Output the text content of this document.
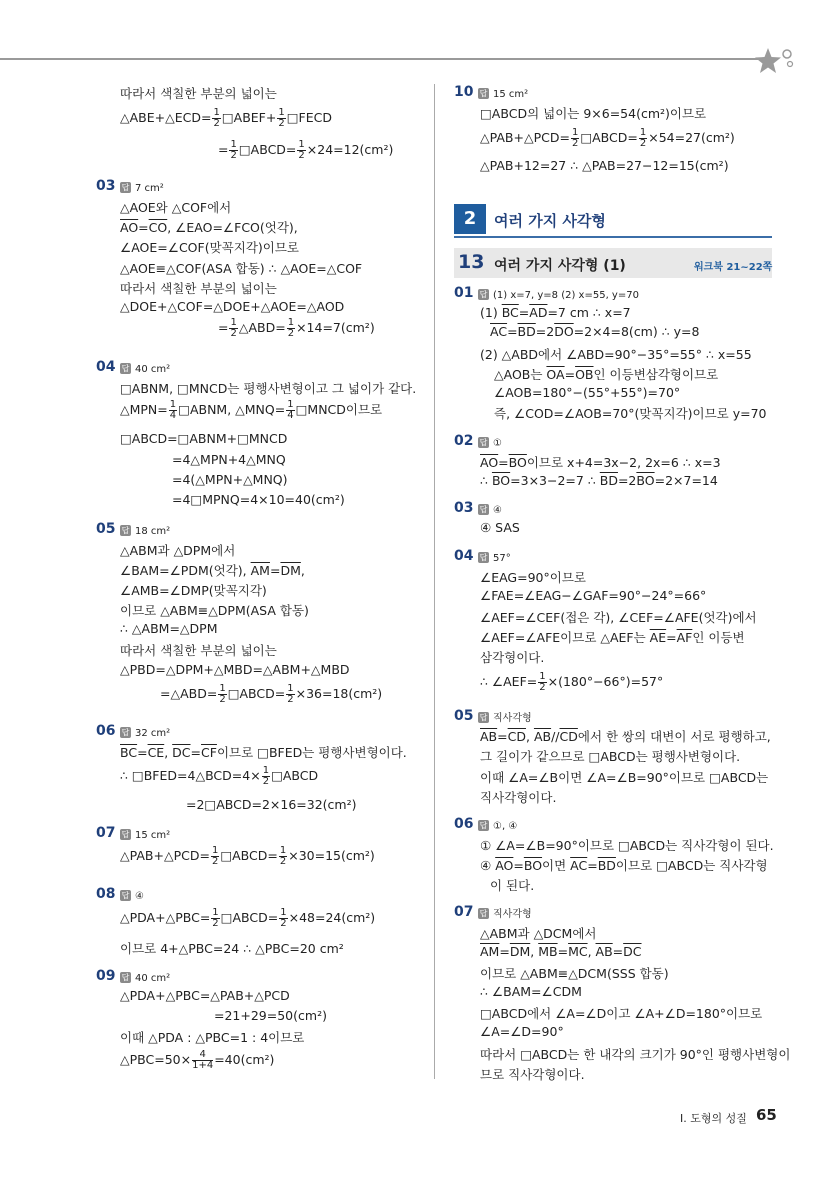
2	여러 가지 사각형
13 여러 가지 사각형 (1)	워크북 21~22쪽
Ⅰ. 도형의 성질 65
따라서 색칠한 부분의 넓이는
△ABE+△ECD= $\frac{1}{2}$ □ABEF+ $\frac{1}{2}$ □FECD
= $\frac{1}{2}$ □ABCD= $\frac{1}{2} \times 24=12(cm^2)$
03 답 7 cm²
△AOE와 △COF에서
$\overline{AO}=\overline{CO}$, ∠EAO=∠FCO(엇각),
∠AOE=∠COF(맞꼭지각)이므로
△AOE≡△COF(ASA 합동) ∴ △AOE=△COF
따라서 색칠한 부분의 넓이는
△DOE+△COF=△DOE+△AOE=△AOD
= $\frac{1}{2}$ △ABD= $\frac{1}{2} \times 14=7(cm^2)$
04 답 40 cm²
□ABNM, □MNCD는 평행사변형이고 그 넓이가 같다.
△MPN= $\frac{1}{4}$ □ABNM, △MNQ= $\frac{1}{4}$ □MNCD이므로
□ABCD=□ABNM+□MNCD
=4△MPN+4△MNQ
=4(△MPN+△MNQ)
=4□MPNQ=4×10=40(cm²)
05 답 18 cm²
△ABM과 △DPM에서
∠BAM=∠PDM(엇각), $\overline{AM}=\overline{DM}$,
∠AMB=∠DMP(맞꼭지각)
이므로 △ABM≡△DPM(ASA 합동)
∴ △ABM=△DPM
따라서 색칠한 부분의 넓이는
△PBD=△DPM+△MBD=△ABM+△MBD
=△ABD= $\frac{1}{2}$ □ABCD= $\frac{1}{2} \times 36=18(cm^2)$
06 답 32 cm²
$\overline{BC}=\overline{CE}$, $\overline{DC}=\overline{CF}$이므로 □BFED는 평행사변형이다.
∴ □BFED=4△BCD=4× $\frac{1}{2}$ □ABCD
=2□ABCD=2×16=32(cm²)
07 답 15 cm²
△PAB+△PCD= $\frac{1}{2}$ □ABCD= $\frac{1}{2} \times 30=15(cm^2)$
08 답 ④
△PDA+△PBC= $\frac{1}{2}$ □ABCD= $\frac{1}{2} \times 48=24(cm^2)$
이므로 4+△PBC=24 ∴ △PBC=20 cm²
09 답 40 cm²
△PDA+△PBC=△PAB+△PCD
=21+29=50(cm²)
이때 △PDA : △PBC=1 : 4이므로
△PBC=50× $\frac{4}{1+4} =40(cm^2)$
10 답 15 cm²
□ABCD의 넓이는 9×6=54(cm²)이므로
△PAB+△PCD= $\frac{1}{2}$ □ABCD= $\frac{1}{2} \times 54=27(cm^2)$
△PAB+12=27 ∴ △PAB=27−12=15(cm²)
01 답 (1) x=7, y=8 (2) x=55, y=70
(1) $\overline{BC}=\overline{AD}=7$ cm ∴ x=7
$\overline{AC}=\overline{BD}=2\overline{DO}=2\times 4=8(cm)$ ∴ y=8
(2) △ABD에서 ∠ABD=90°−35°=55° ∴ x=55
△AOB는 $\overline{OA}=\overline{OB}$인 이등변삼각형이므로
∠AOB=180°−(55°+55°)=70°
즉, ∠COD=∠AOB=70°(맞꼭지각)이므로 y=70
02 답 ①
$\overline{AO}=\overline{BO}$이므로 x+4=3x−2, 2x=6 ∴ x=3
∴ $\overline{BO}=3\times 3-2=7$ ∴ $\overline{BD}=2\overline{BO}=2\times 7=14$
03 답 ④
④ SAS
04 답 57°
∠EAG=90°이므로
∠FAE=∠EAG−∠GAF=90°−24°=66°
∠AEF=∠CEF(접은 각), ∠CEF=∠AFE(엇각)에서
∠AEF=∠AFE이므로 △AEF는 $\overline{AE}=\overline{AF}$인 이등변
삼각형이다.
∴ ∠AEF= $\frac{1}{2} \times(180^\circ-66^\circ)=57^\circ$
05 답 직사각형
$\overline{AB}=\overline{CD}$, $\overline{AB}//\overline{CD}$에서 한 쌍의 대변이 서로 평행하고,
그 길이가 같으므로 □ABCD는 평행사변형이다.
이때 ∠A=∠B이면 ∠A=∠B=90°이므로 □ABCD는
직사각형이다.
06 답 ①, ④
① ∠A=∠B=90°이므로 □ABCD는 직사각형이 된다.
④ $\overline{AO}=\overline{BO}$이면 $\overline{AC}=\overline{BD}$이므로 □ABCD는 직사각형
이 된다.
07 답 직사각형
△ABM과 △DCM에서
$\overline{AM}=\overline{DM}$, $\overline{MB}=\overline{MC}$, $\overline{AB}=\overline{DC}$
이므로 △ABM≡△DCM(SSS 합동)
∴ ∠BAM=∠CDM
□ABCD에서 ∠A=∠D이고 ∠A+∠D=180°이므로
∠A=∠D=90°
따라서 □ABCD는 한 내각의 크기가 90°인 평행사변형이
므로 직사각형이다.
